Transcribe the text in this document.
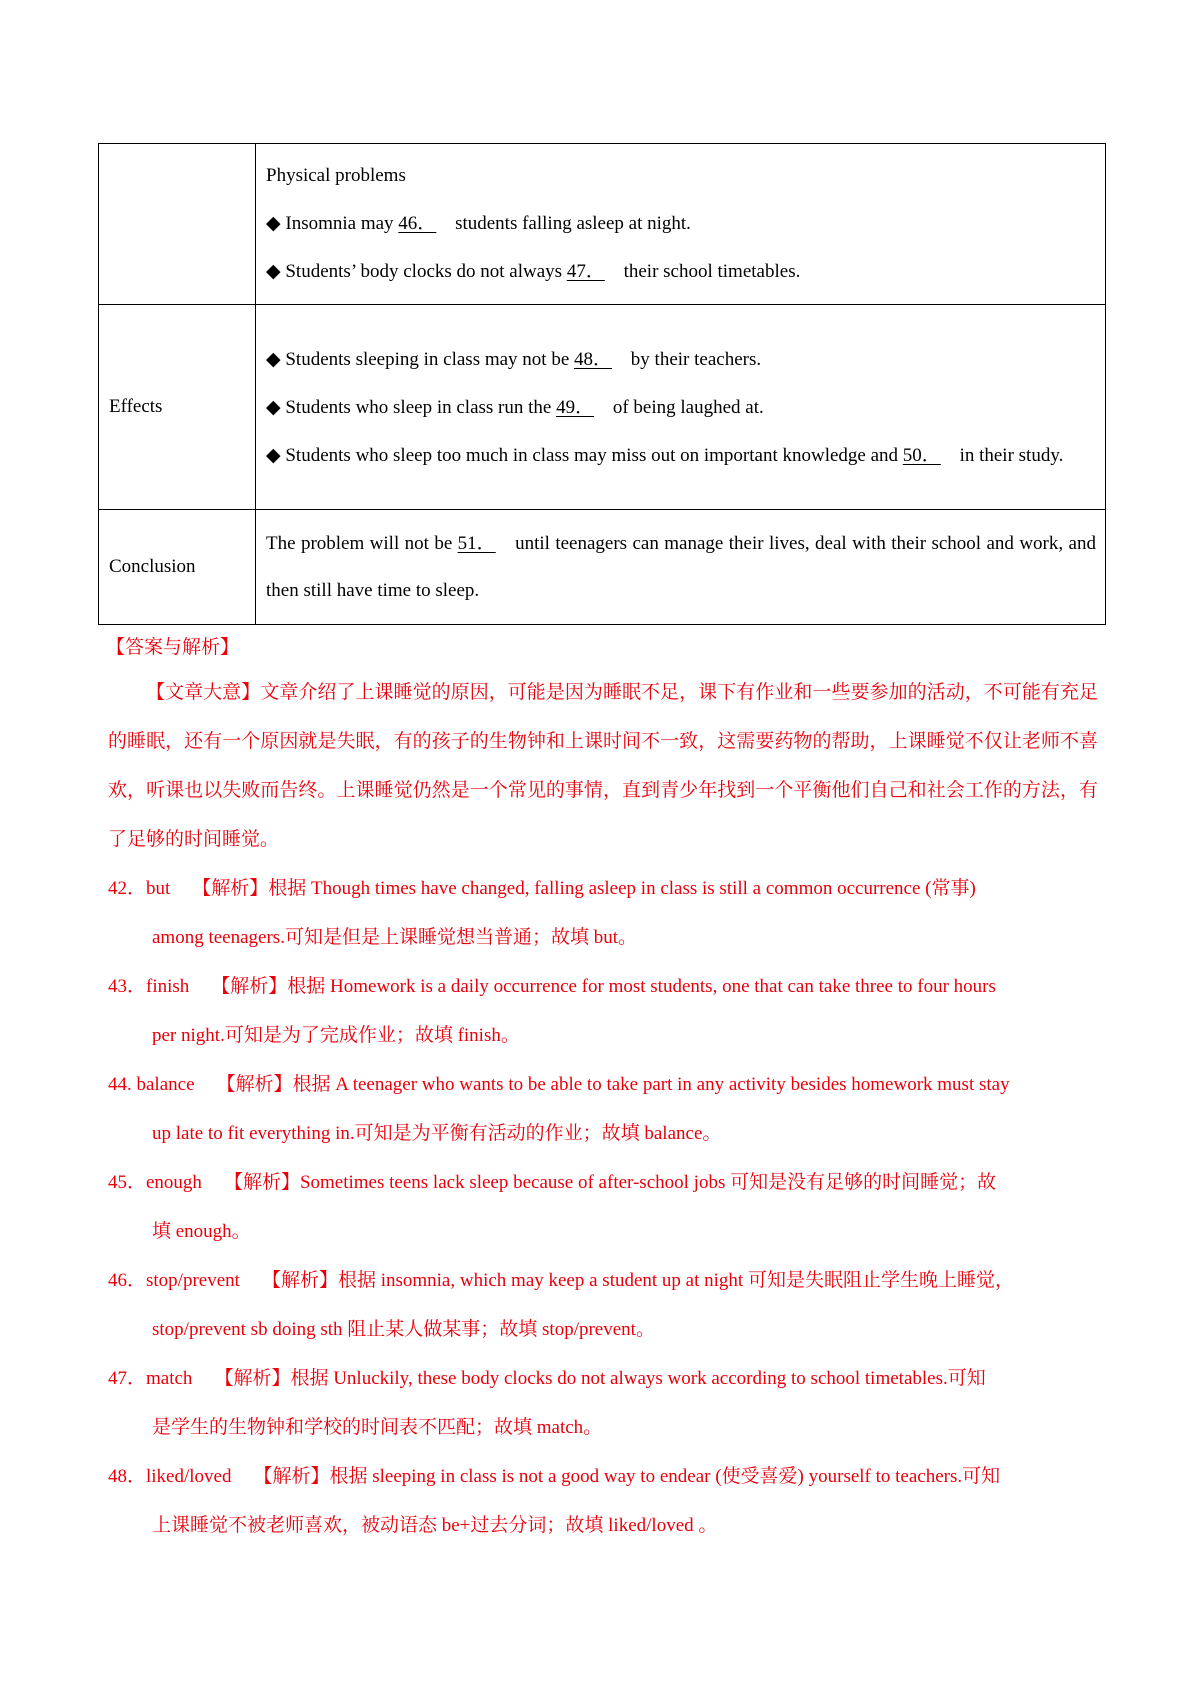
	Physical problems
◆ Insomnia may 46． students falling asleep at night.
◆ Students’ body clocks do not always 47． their school timetables.

Effects	◆ Students sleeping in class may not be 48． by their teachers.
◆ Students who sleep in class run the 49． of being laughed at.
◆ Students who sleep too much in class may miss out on important knowledge and 50． in their study.

Conclusion	The problem will not be 51． until teenagers can manage their lives, deal with their school and work, and then still have time to sleep.
【答案与解析】

【文章大意】文章介绍了上课睡觉的原因，可能是因为睡眠不足，课下有作业和一些要参加的活动，不可能有充足的睡眠，还有一个原因就是失眠，有的孩子的生物钟和上课时间不一致，这需要药物的帮助，上课睡觉不仅让老师不喜欢，听课也以失败而告终。上课睡觉仍然是一个常见的事情，直到青少年找到一个平衡他们自己和社会工作的方法，有了足够的时间睡觉。

42．but 【解析】根据 Though times have changed, falling asleep in class is still a common occurrence (常事)
among teenagers.可知是但是上课睡觉想当普通；故填 but。
43．finish 【解析】根据 Homework is a daily occurrence for most students, one that can take three to four hours
per night.可知是为了完成作业；故填 finish。
44. balance 【解析】根据 A teenager who wants to be able to take part in any activity besides homework must stay
up late to fit everything in.可知是为平衡有活动的作业；故填 balance。
45．enough 【解析】Sometimes teens lack sleep because of after-school jobs 可知是没有足够的时间睡觉；故
填 enough。
46．stop/prevent 【解析】根据 insomnia, which may keep a student up at night 可知是失眠阻止学生晚上睡觉，
stop/prevent sb doing sth 阻止某人做某事；故填 stop/prevent。
47．match 【解析】根据 Unluckily, these body clocks do not always work according to school timetables.可知
是学生的生物钟和学校的时间表不匹配；故填 match。
48．liked/loved 【解析】根据 sleeping in class is not a good way to endear (使受喜爱) yourself to teachers.可知
上课睡觉不被老师喜欢，被动语态 be+过去分词；故填 liked/loved 。
